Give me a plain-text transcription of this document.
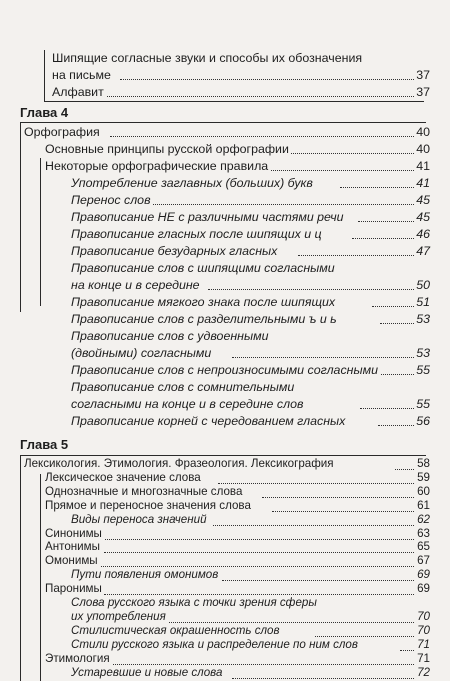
Шипящие согласные звуки и способы их обозначения
на письме	37
Алфавит	37
Глава 4
Орфография	40
Основные принципы русской орфографии	40
Некоторые орфографические правила	41
Употребление заглавных (больших) букв	41
Перенос слов	45
Правописание НЕ с различными частями речи	45
Правописание гласных после шипящих и ц	46
Правописание безударных гласных	47
Правописание слов с шипящими согласными
на конце и в середине	50
Правописание мягкого знака после шипящих	51
Правописание слов с разделительными ъ и ь	53
Правописание слов с удвоенными
(двойными) согласными	53
Правописание слов с непроизносимыми согласными	55
Правописание слов с сомнительными
согласными на конце и в середине слов	55
Правописание корней с чередованием гласных	56
Глава 5
Лексикология. Этимология. Фразеология. Лексикография	58
Лексическое значение слова	59
Однозначные и многозначные слова	60
Прямое и переносное значения слова	61
Виды переноса значений	62
Синонимы	63
Антонимы	65
Омонимы	67
Пути появления омонимов	69
Паронимы	69
Слова русского языка с точки зрения сферы
их употребления	70
Стилистическая окрашенность слов	70
Стили русского языка и распределение по ним слов	71
Этимология	71
Устаревшие и новые слова	72
